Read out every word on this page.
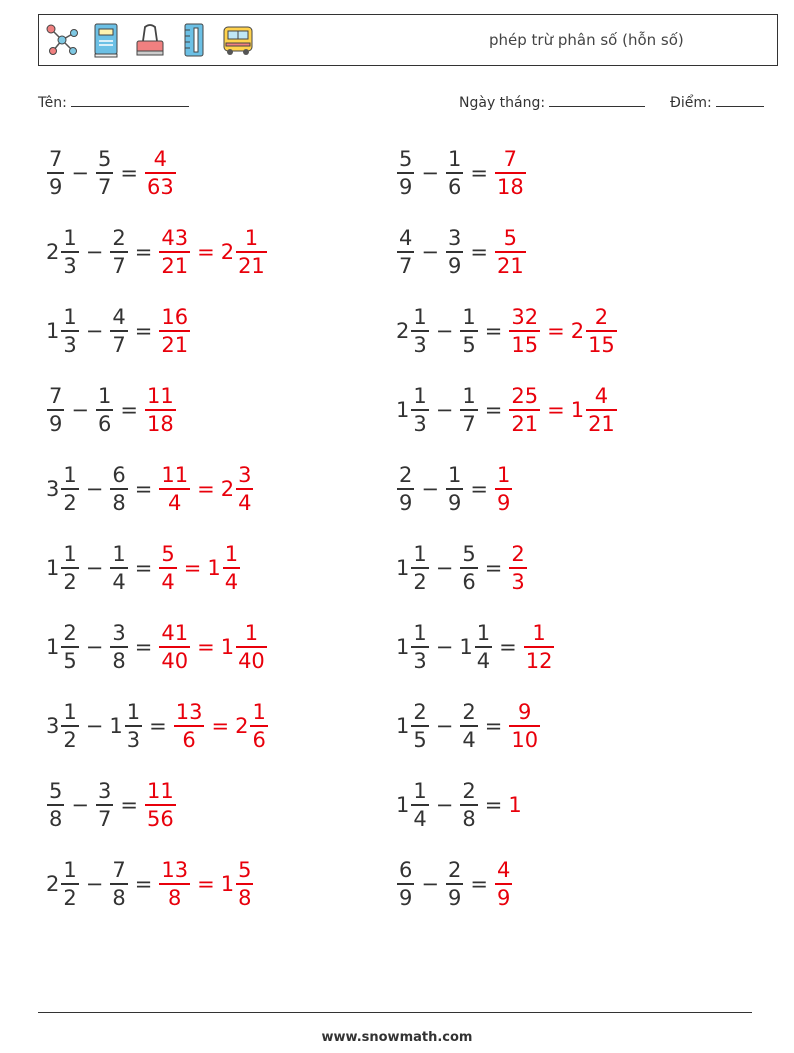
phép trừ phân số (hỗn số)
Tên:	Ngày tháng:	Điểm:
$\frac{7}{9} - \frac{5}{7} = \frac{4}{63}$	$\frac{5}{9} - \frac{1}{6} = \frac{7}{18}$
$2 \frac{1}{3} - \frac{2}{7} = \frac{43}{21} = 2 \frac{1}{21}$	$\frac{4}{7} - \frac{3}{9} = \frac{5}{21}$
$1 \frac{1}{3} - \frac{4}{7} = \frac{16}{21}$	$2 \frac{1}{3} - \frac{1}{5} = \frac{32}{15} = 2 \frac{2}{15}$
$\frac{7}{9} - \frac{1}{6} = \frac{11}{18}$	$1 \frac{1}{3} - \frac{1}{7} = \frac{25}{21} = 1 \frac{4}{21}$
$3 \frac{1}{2} - \frac{6}{8} = \frac{11}{4} = 2 \frac{3}{4}$	$\frac{2}{9} - \frac{1}{9} = \frac{1}{9}$
$1 \frac{1}{2} - \frac{1}{4} = \frac{5}{4} = 1 \frac{1}{4}$	$1 \frac{1}{2} - \frac{5}{6} = \frac{2}{3}$
$1 \frac{2}{5} - \frac{3}{8} = \frac{41}{40} = 1 \frac{1}{40}$	$1 \frac{1}{3} - 1 \frac{1}{4} = \frac{1}{12}$
$3 \frac{1}{2} - 1 \frac{1}{3} = \frac{13}{6} = 2 \frac{1}{6}$	$1 \frac{2}{5} - \frac{2}{4} = \frac{9}{10}$
$\frac{5}{8} - \frac{3}{7} = \frac{11}{56}$	$1 \frac{1}{4} - \frac{2}{8} = 1$
$2 \frac{1}{2} - \frac{7}{8} = \frac{13}{8} = 1 \frac{5}{8}$	$\frac{6}{9} - \frac{2}{9} = \frac{4}{9}$
www.snowmath.com
